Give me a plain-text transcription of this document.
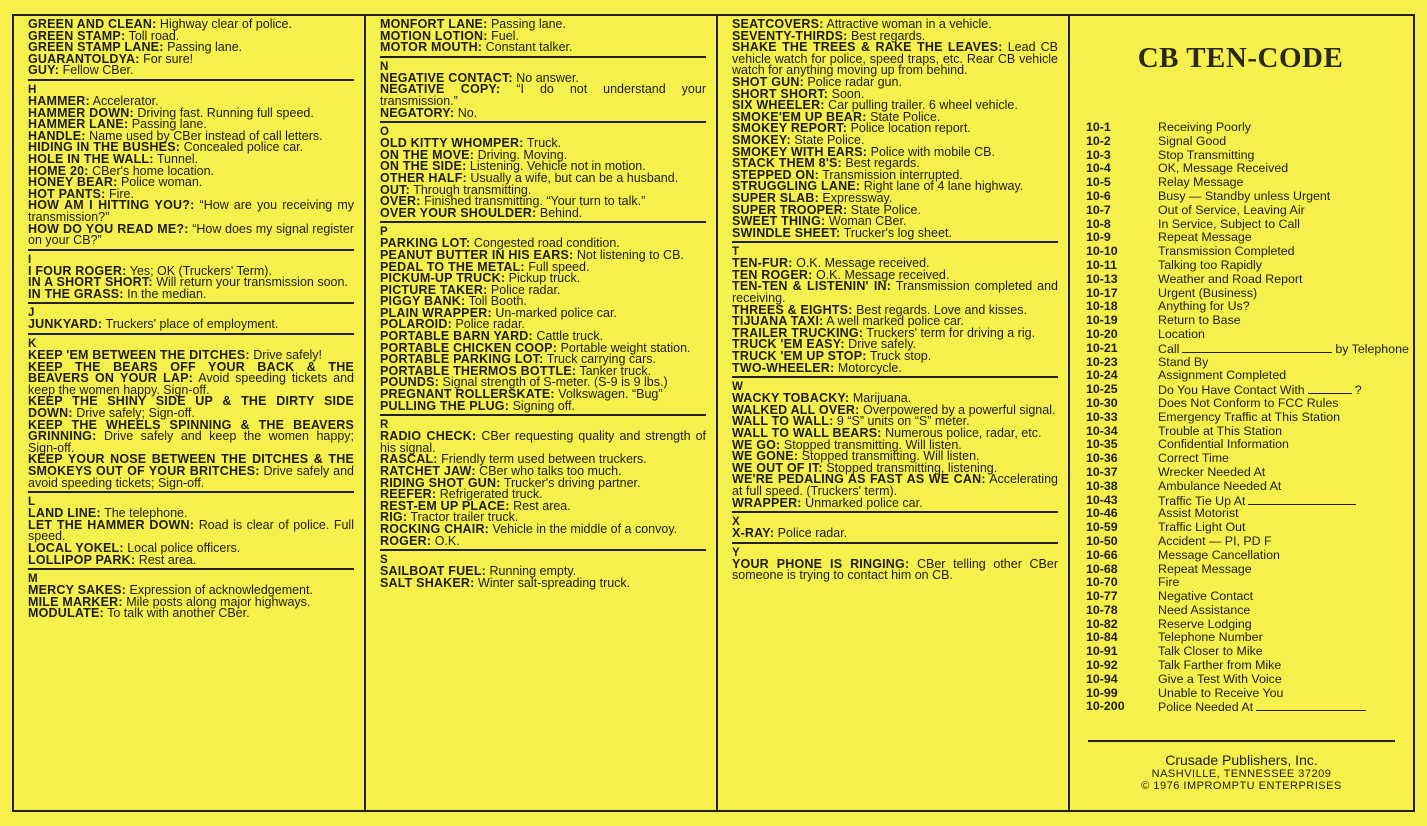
GREEN AND CLEAN: Highway clear of police.

GREEN STAMP: Toll road.

GREEN STAMP LANE: Passing lane.

GUARANTOLDYA: For sure!

GUY: Fellow CBer.

H

HAMMER: Accelerator.

HAMMER DOWN: Driving fast. Running full speed.

HAMMER LANE: Passing lane.

HANDLE: Name used by CBer instead of call letters.

HIDING IN THE BUSHES: Concealed police car.

HOLE IN THE WALL: Tunnel.

HOME 20: CBer's home location.

HONEY BEAR: Police woman.

HOT PANTS: Fire.

HOW AM I HITTING YOU?: “How are you receiving my transmission?”

HOW DO YOU READ ME?: “How does my signal register on your CB?”

I

I FOUR ROGER: Yes; OK (Truckers' Term).

IN A SHORT SHORT: Will return your transmission soon.

IN THE GRASS: In the median.

J

JUNKYARD: Truckers' place of employment.

K

KEEP 'EM BETWEEN THE DITCHES: Drive safely!

KEEP THE BEARS OFF YOUR BACK & THE BEAVERS ON YOUR LAP: Avoid speeding tickets and keep the women happy. Sign-off.

KEEP THE SHINY SIDE UP & THE DIRTY SIDE DOWN: Drive safely; Sign-off.

KEEP THE WHEELS SPINNING & THE BEAVERS GRINNING: Drive safely and keep the women happy; Sign-off.

KEEP YOUR NOSE BETWEEN THE DITCHES & THE SMOKEYS OUT OF YOUR BRITCHES: Drive safely and avoid speeding tickets; Sign-off.

L

LAND LINE: The telephone.

LET THE HAMMER DOWN: Road is clear of police. Full speed.

LOCAL YOKEL: Local police officers.

LOLLIPOP PARK: Rest area.

M

MERCY SAKES: Expression of acknowledgement.

MILE MARKER: Mile posts along major highways.

MODULATE: To talk with another CBer.

MONFORT LANE: Passing lane.

MOTION LOTION: Fuel.

MOTOR MOUTH: Constant talker.

N

NEGATIVE CONTACT: No answer.

NEGATIVE COPY: “I do not understand your transmission.”

NEGATORY: No.

O

OLD KITTY WHOMPER: Truck.

ON THE MOVE: Driving. Moving.

ON THE SIDE: Listening. Vehicle not in motion.

OTHER HALF: Usually a wife, but can be a husband.

OUT: Through transmitting.

OVER: Finished transmitting. “Your turn to talk.”

OVER YOUR SHOULDER: Behind.

P

PARKING LOT: Congested road condition.

PEANUT BUTTER IN HIS EARS: Not listening to CB.

PEDAL TO THE METAL: Full speed.

PICKUM-UP TRUCK: Pickup truck.

PICTURE TAKER: Police radar.

PIGGY BANK: Toll Booth.

PLAIN WRAPPER: Un-marked police car.

POLAROID: Police radar.

PORTABLE BARN YARD: Cattle truck.

PORTABLE CHICKEN COOP: Portable weight station.

PORTABLE PARKING LOT: Truck carrying cars.

PORTABLE THERMOS BOTTLE: Tanker truck.

POUNDS: Signal strength of S-meter. (S-9 is 9 lbs.)

PREGNANT ROLLERSKATE: Volkswagen. “Bug”

PULLING THE PLUG: Signing off.

R

RADIO CHECK: CBer requesting quality and strength of his signal.

RASCAL: Friendly term used between truckers.

RATCHET JAW: CBer who talks too much.

RIDING SHOT GUN: Trucker's driving partner.

REEFER: Refrigerated truck.

REST-EM UP PLACE: Rest area.

RIG: Tractor trailer truck.

ROCKING CHAIR: Vehicle in the middle of a convoy.

ROGER: O.K.

S

SAILBOAT FUEL: Running empty.

SALT SHAKER: Winter salt-spreading truck.

SEATCOVERS: Attractive woman in a vehicle.

SEVENTY-THIRDS: Best regards.

SHAKE THE TREES & RAKE THE LEAVES: Lead CB vehicle watch for police, speed traps, etc. Rear CB vehicle watch for anything moving up from behind.

SHOT GUN: Police radar gun.

SHORT SHORT: Soon.

SIX WHEELER: Car pulling trailer. 6 wheel vehicle.

SMOKE'EM UP BEAR: State Police.

SMOKEY REPORT: Police location report.

SMOKEY: State Police.

SMOKEY WITH EARS: Police with mobile CB.

STACK THEM 8'S: Best regards.

STEPPED ON: Transmission interrupted.

STRUGGLING LANE: Right lane of 4 lane highway.

SUPER SLAB: Expressway.

SUPER TROOPER: State Police.

SWEET THING: Woman CBer.

SWINDLE SHEET: Trucker's log sheet.

T

TEN-FUR: O.K. Message received.

TEN ROGER: O.K. Message received.

TEN-TEN & LISTENIN' IN: Transmission completed and receiving.

THREES & EIGHTS: Best regards. Love and kisses.

TIJUANA TAXI: A well marked police car.

TRAILER TRUCKING: Truckers' term for driving a rig.

TRUCK 'EM EASY: Drive safely.

TRUCK 'EM UP STOP: Truck stop.

TWO-WHEELER: Motorcycle.

W

WACKY TOBACKY: Marijuana.

WALKED ALL OVER: Overpowered by a powerful signal.

WALL TO WALL: 9 “S” units on “S” meter.

WALL TO WALL BEARS: Numerous police, radar, etc.

WE GO: Stopped transmitting. Will listen.

WE GONE: Stopped transmitting. Will listen.

WE OUT OF IT: Stopped transmitting, listening.

WE'RE PEDALING AS FAST AS WE CAN: Accelerating at full speed. (Truckers' term).

WRAPPER: Unmarked police car.

X

X-RAY: Police radar.

Y

YOUR PHONE IS RINGING: CBer telling other CBer someone is trying to contact him on CB.

CB TEN-CODE
10-1	Receiving Poorly
10-2	Signal Good
10-3	Stop Transmitting
10-4	OK, Message Received
10-5	Relay Message
10-6	Busy — Standby unless Urgent
10-7	Out of Service, Leaving Air
10-8	In Service, Subject to Call
10-9	Repeat Message
10-10	Transmission Completed
10-11	Talking too Rapidly
10-13	Weather and Road Report
10-17	Urgent (Business)
10-18	Anything for Us?
10-19	Return to Base
10-20	Location
10-21	Call	by Telephone
10-23	Stand By
10-24	Assignment Completed
10-25	Do You Have Contact With	?
10-30	Does Not Conform to FCC Rules
10-33	Emergency Traffic at This Station
10-34	Trouble at This Station
10-35	Confidential Information
10-36	Correct Time
10-37	Wrecker Needed At
10-38	Ambulance Needed At
10-43	Traffic Tie Up At
10-46	Assist Motorist
10-59	Traffic Light Out
10-50	Accident — PI, PD F
10-66	Message Cancellation
10-68	Repeat Message
10-70	Fire
10-77	Negative Contact
10-78	Need Assistance
10-82	Reserve Lodging
10-84	Telephone Number
10-91	Talk Closer to Mike
10-92	Talk Farther from Mike
10-94	Give a Test With Voice
10-99	Unable to Receive You
10-200	Police Needed At
Crusade Publishers, Inc.
NASHVILLE, TENNESSEE 37209
© 1976 IMPROMPTU ENTERPRISES
